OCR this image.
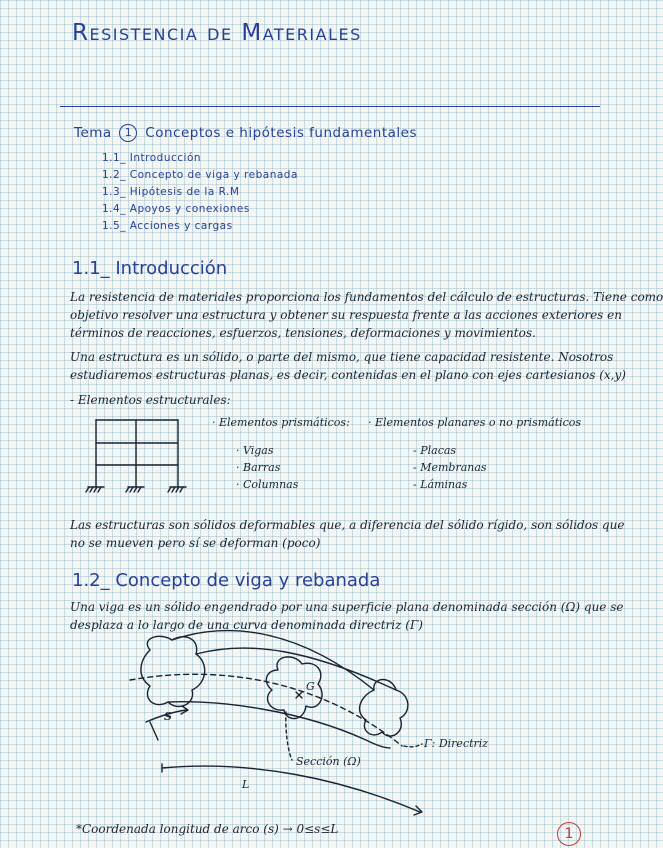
Resistencia de Materiales
Tema 1 Conceptos e hipótesis fundamentales
1.1_ Introducción
1.2_ Concepto de viga y rebanada
1.3_ Hipótesis de la R.M
1.4_ Apoyos y conexiones
1.5_ Acciones y cargas
1.1_ Introducción
La resistencia de materiales proporciona los fundamentos del cálculo de estructuras. Tiene como
objetivo resolver una estructura y obtener su respuesta frente a las acciones exteriores en
términos de reacciones, esfuerzos, tensiones, deformaciones y movimientos.
Una estructura es un sólido, o parte del mismo, que tiene capacidad resistente. Nosotros
estudiaremos estructuras planas, es decir, contenidas en el plano con ejes cartesianos (x,y)
- Elementos estructurales:
· Elementos prismáticos:
· Vigas
· Barras
· Columnas
· Elementos planares o no prismáticos
- Placas
- Membranas
- Láminas
Las estructuras son sólidos deformables que, a diferencia del sólido rígido, son sólidos que
no se mueven pero sí se deforman (poco)
1.2_ Concepto de viga y rebanada
Una viga es un sólido engendrado por una superficie plana denominada sección (Ω) que se
desplaza a lo largo de una curva denominada directriz (Γ)
G
S
Γ: Directriz
Sección (Ω)
L
*Coordenada longitud de arco (s) → 0≤s≤L	1
